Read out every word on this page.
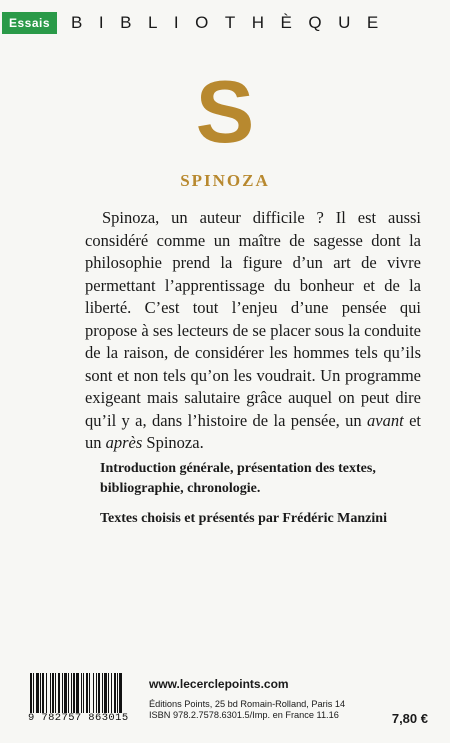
Essais	BIBLIOTHÈQUE
S
SPINOZA

Spinoza, un auteur difficile ? Il est aussi considéré comme un maître de sagesse dont la philosophie prend la figure d’un art de vivre permettant l’apprentissage du bonheur et de la liberté. C’est tout l’enjeu d’une pensée qui propose à ses lecteurs de se placer sous la conduite de la raison, de considérer les hommes tels qu’ils sont et non tels qu’on les voudrait. Un programme exigeant mais salutaire grâce auquel on peut dire qu’il y a, dans l’histoire de la pensée, un avant et un après Spinoza.

Introduction générale, présentation des textes, bibliographie, chronologie.
Textes choisis et présentés par Frédéric Manzini
9 782757 863015
www.lecerclepoints.com
Éditions Points, 25 bd Romain-Rolland, Paris 14
ISBN 978.2.7578.6301.5/Imp. en France 11.16	7,80 €
